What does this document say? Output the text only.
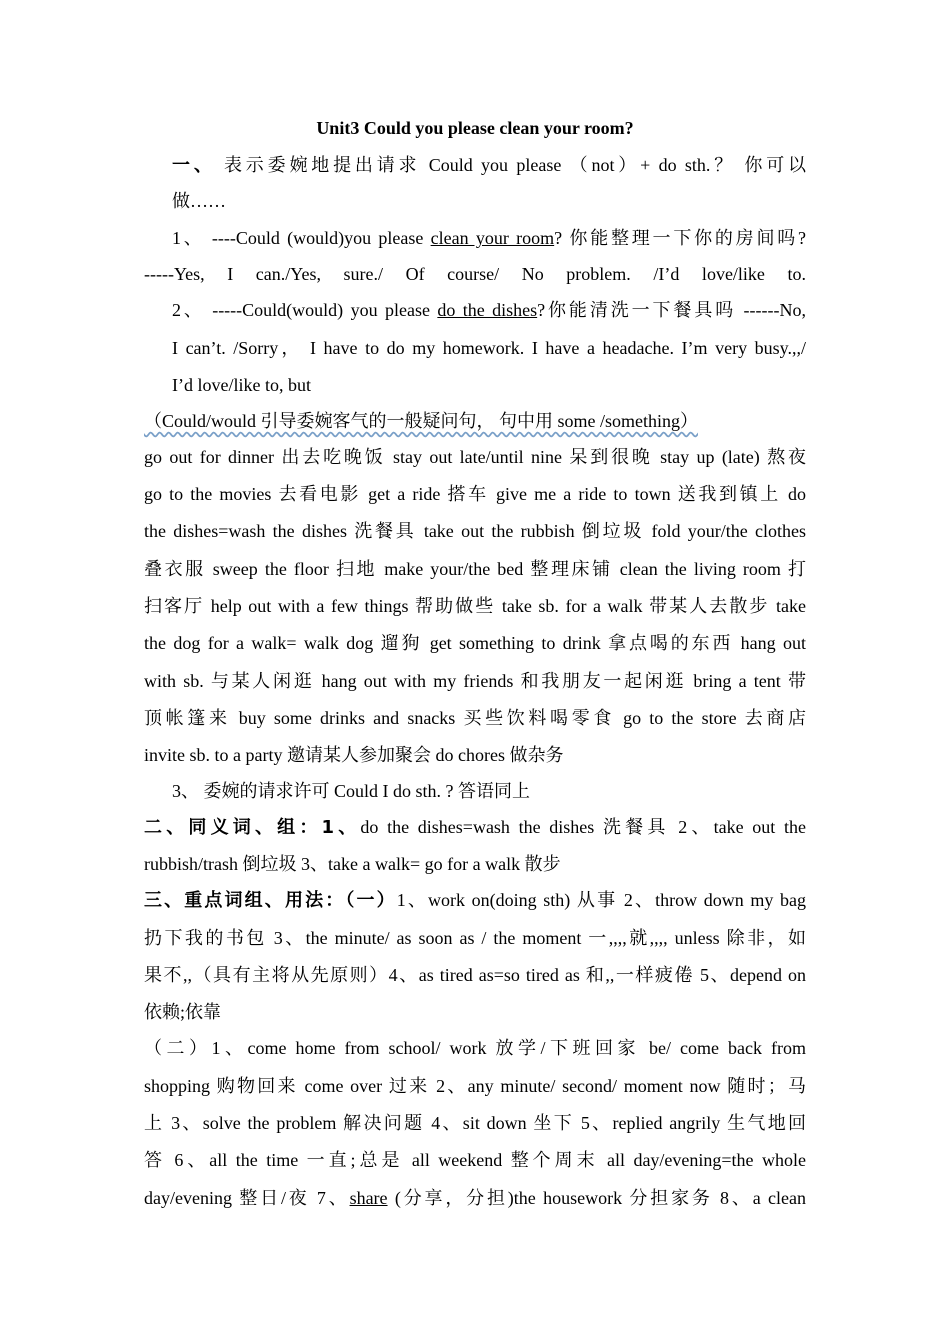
Unit3 Could you please clean your room?
一、 表示委婉地提出请求 Could you please （not）+ do sth.？ 你可以
做……
1、 ----Could (would)you please clean your room? 你能整理一下你的房间吗?
-----Yes, I can./Yes, sure./ Of course/ No problem. /I’d love/like to.
2、 -----Could(would) you please do the dishes?你能清洗一下餐具吗 ------No,
I can’t. /Sorry， I have to do my homework. I have a headache. I’m very busy.,,/
I’d love/like to, but
（Could/would 引导委婉客气的一般疑问句， 句中用 some /something）
go out for dinner 出去吃晚饭 stay out late/until nine 呆到很晚 stay up (late) 熬夜
go to the movies 去看电影 get a ride 搭车 give me a ride to town 送我到镇上 do
the dishes=wash the dishes 洗餐具 take out the rubbish 倒垃圾 fold your/the clothes
叠衣服 sweep the floor 扫地 make your/the bed 整理床铺 clean the living room 打
扫客厅 help out with a few things 帮助做些 take sb. for a walk 带某人去散步 take
the dog for a walk= walk dog 遛狗 get something to drink 拿点喝的东西 hang out
with sb. 与某人闲逛 hang out with my friends 和我朋友一起闲逛 bring a tent 带
顶帐篷来 buy some drinks and snacks 买些饮料喝零食 go to the store 去商店
invite sb. to a party 邀请某人参加聚会 do chores 做杂务
3、 委婉的请求许可 Could I do sth. ? 答语同上
二、同义词、组：1、do the dishes=wash the dishes 洗餐具 2、take out the
rubbish/trash 倒垃圾 3、take a walk= go for a walk 散步
三、重点词组、用法：（一）1、work on(doing sth) 从事 2、throw down my bag
扔下我的书包 3、the minute/ as soon as / the moment 一,,,,就,,,, unless 除非，如
果不,,（具有主将从先原则）4、as tired as=so tired as 和,,一样疲倦 5、depend on
依赖;依靠
（二）1、come home from school/ work 放学/下班回家 be/ come back from
shopping 购物回来 come over 过来 2、any minute/ second/ moment now 随时；马
上 3、solve the problem 解决问题 4、sit down 坐下 5、replied angrily 生气地回
答 6、all the time 一直;总是 all weekend 整个周末 all day/evening=the whole
day/evening 整日/夜 7、share (分享，分担)the housework 分担家务 8、a clean
